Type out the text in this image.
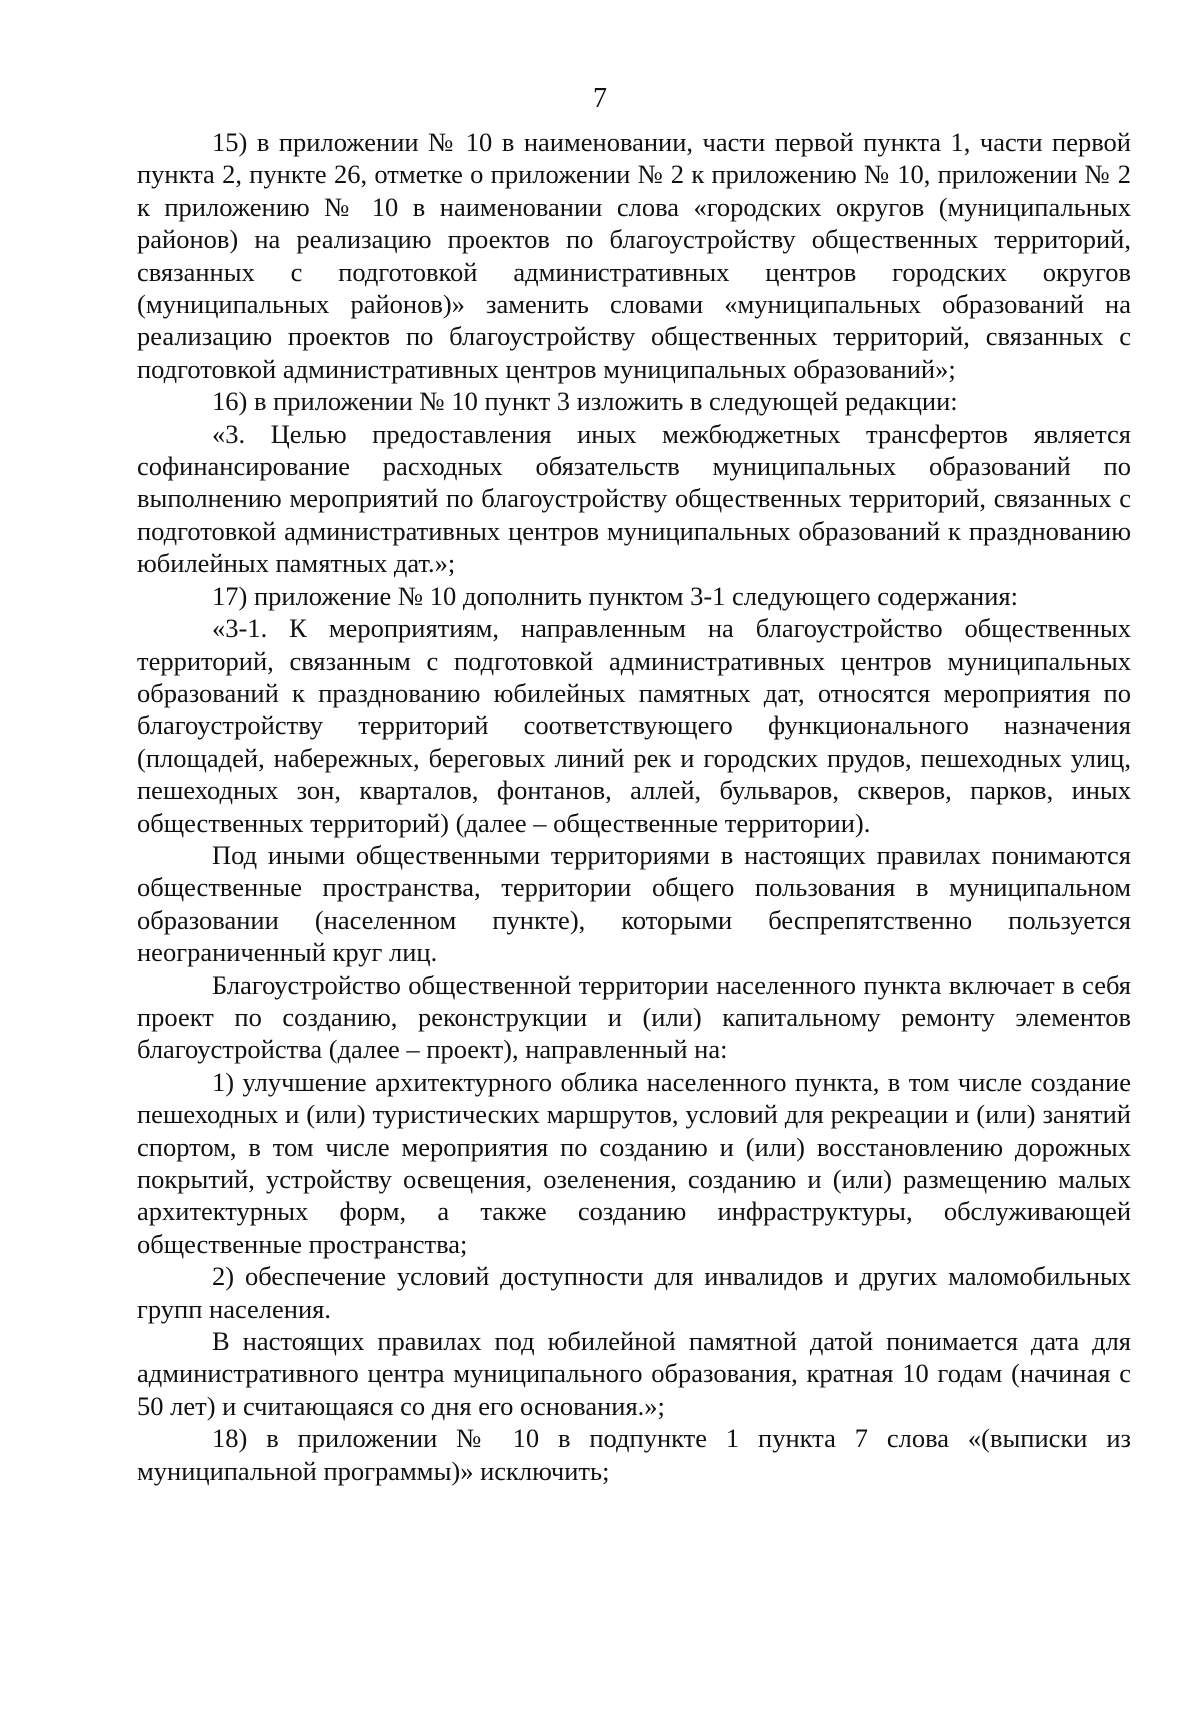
7

15) в приложении № 10 в наименовании, части первой пункта 1, части первой пункта 2, пункте 26, отметке о приложении № 2 к приложению № 10, приложении № 2 к приложению № 10 в наименовании слова «городских округов (муниципальных районов) на реализацию проектов по благоустройству общественных территорий, связанных с подготовкой административных центров городских округов (муниципальных районов)» заменить словами «муниципальных образований на реализацию проектов по благоустройству общественных территорий, связанных с подготовкой административных центров муниципальных образований»;

16) в приложении № 10 пункт 3 изложить в следующей редакции:

«3. Целью предоставления иных межбюджетных трансфертов является софинансирование расходных обязательств муниципальных образований по выполнению мероприятий по благоустройству общественных территорий, связанных с подготовкой административных центров муниципальных образований к празднованию юбилейных памятных дат.»;

17) приложение № 10 дополнить пунктом 3-1 следующего содержания:

«3-1. К мероприятиям, направленным на благоустройство общественных территорий, связанным с подготовкой административных центров муниципальных образований к празднованию юбилейных памятных дат, относятся мероприятия по благоустройству территорий соответствующего функционального назначения (площадей, набережных, береговых линий рек и городских прудов, пешеходных улиц, пешеходных зон, кварталов, фонтанов, аллей, бульваров, скверов, парков, иных общественных территорий) (далее – общественные территории).

Под иными общественными территориями в настоящих правилах понимаются общественные пространства, территории общего пользования в муниципальном образовании (населенном пункте), которыми беспрепятственно пользуется неограниченный круг лиц.

Благоустройство общественной территории населенного пункта включает в себя проект по созданию, реконструкции и (или) капитальному ремонту элементов благоустройства (далее – проект), направленный на:

1) улучшение архитектурного облика населенного пункта, в том числе создание пешеходных и (или) туристических маршрутов, условий для рекреации и (или) занятий спортом, в том числе мероприятия по созданию и (или) восстановлению дорожных покрытий, устройству освещения, озеленения, созданию и (или) размещению малых архитектурных форм, а также созданию инфраструктуры, обслуживающей общественные пространства;

2) обеспечение условий доступности для инвалидов и других маломобильных групп населения.

В настоящих правилах под юбилейной памятной датой понимается дата для административного центра муниципального образования, кратная 10 годам (начиная с 50 лет) и считающаяся со дня его основания.»;

18) в приложении № 10 в подпункте 1 пункта 7 слова «(выписки из муниципальной программы)» исключить;
